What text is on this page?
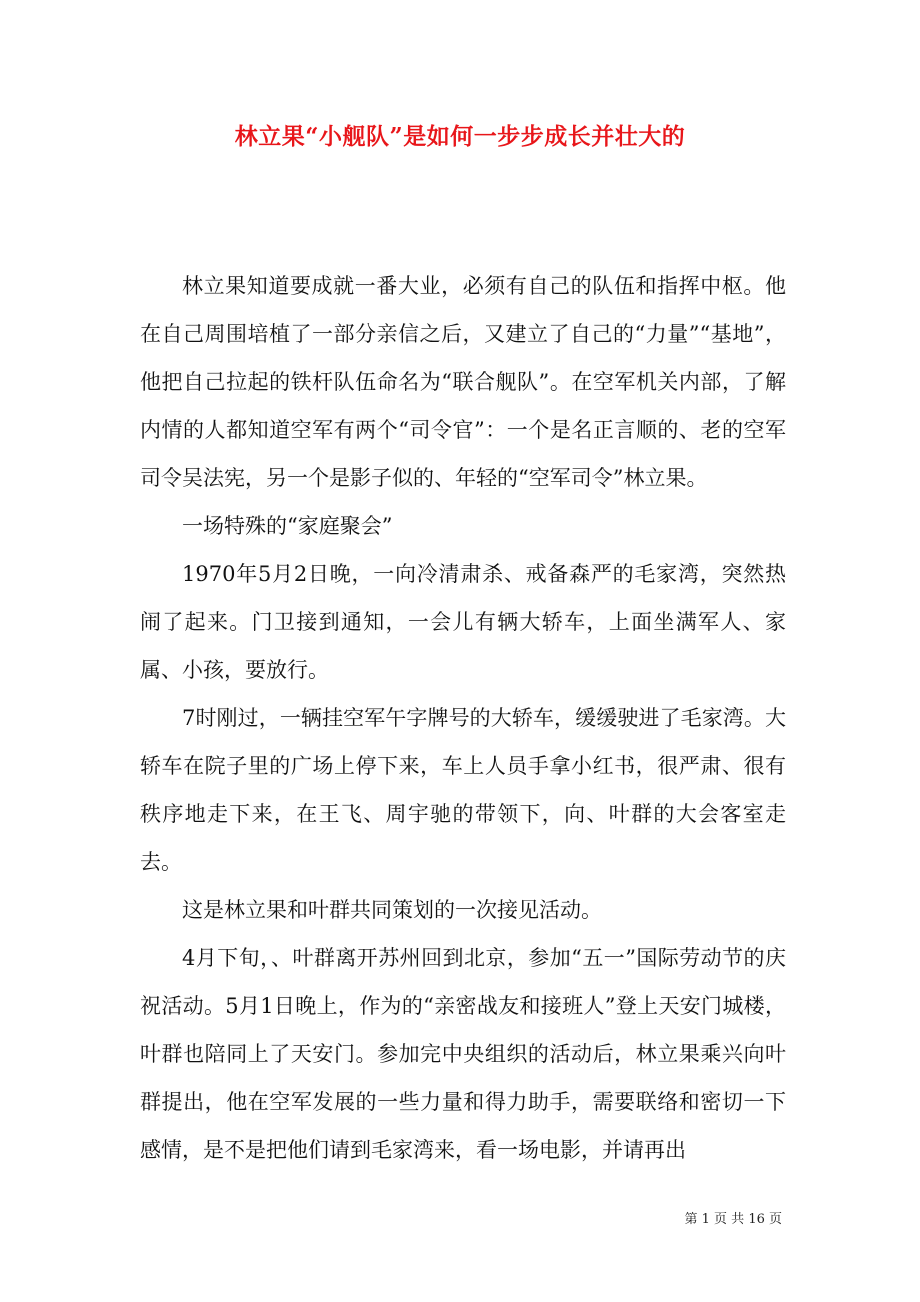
林立果“小舰队”是如何一步步成长并壮大的

林立果知道要成就一番大业，必须有自己的队伍和指挥中枢。他在自己周围培植了一部分亲信之后，又建立了自己的“力量”“基地”，他把自己拉起的铁杆队伍命名为“联合舰队”。在空军机关内部，了解内情的人都知道空军有两个“司令官”：一个是名正言顺的、老的空军司令吴法宪，另一个是影子似的、年轻的“空军司令”林立果。

一场特殊的“家庭聚会”

1970年5月2日晚，一向冷清肃杀、戒备森严的毛家湾，突然热闹了起来。门卫接到通知，一会儿有辆大轿车，上面坐满军人、家属、小孩，要放行。

7时刚过，一辆挂空军午字牌号的大轿车，缓缓驶进了毛家湾。大轿车在院子里的广场上停下来，车上人员手拿小红书，很严肃、很有秩序地走下来，在王飞、周宇驰的带领下，向、叶群的大会客室走去。

这是林立果和叶群共同策划的一次接见活动。

4月下旬，、叶群离开苏州回到北京，参加“五一”国际劳动节的庆祝活动。5月1日晚上，作为的“亲密战友和接班人”登上天安门城楼，叶群也陪同上了天安门。参加完中央组织的活动后，林立果乘兴向叶群提出，他在空军发展的一些力量和得力助手，需要联络和密切一下感情，是不是把他们请到毛家湾来，看一场电影，并请再出

第 1 页 共 16 页
